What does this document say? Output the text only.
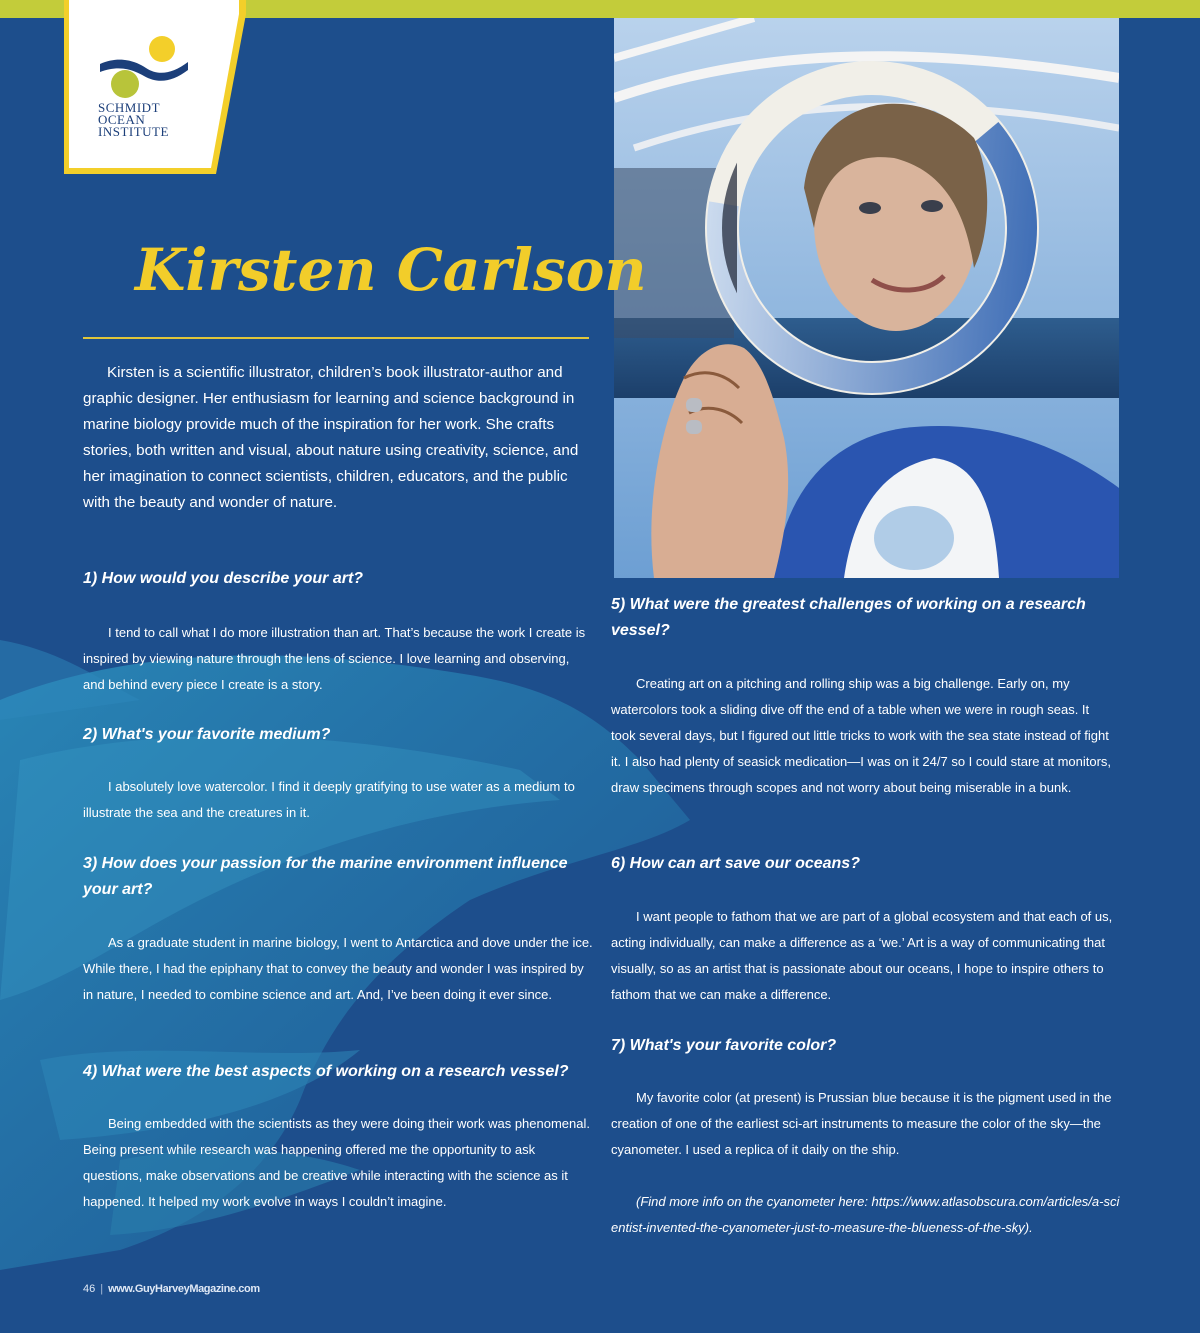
SCHMIDT
OCEAN
INSTITUTE

Kirsten Carlson

Kirsten is a scientific illustrator, children’s book illustrator-author and graphic designer. Her enthusiasm for learning and science background in marine biology provide much of the inspiration for her work. She crafts stories, both written and visual, about nature using creativity, science, and her imagination to connect scientists, children, educators, and the public with the beauty and wonder of nature.

1) How would you describe your art?

I tend to call what I do more illustration than art. That’s because the work I create is inspired by viewing nature through the lens of science. I love learning and observing, and behind every piece I create is a story.

2) What's your favorite medium?

I absolutely love watercolor. I find it deeply gratifying to use water as a medium to illustrate the sea and the creatures in it.

3) How does your passion for the marine environment influence your art?

As a graduate student in marine biology, I went to Antarctica and dove under the ice. While there, I had the epiphany that to convey the beauty and wonder I was inspired by in nature, I needed to combine science and art. And, I’ve been doing it ever since.

4) What were the best aspects of working on a research vessel?

Being embedded with the scientists as they were doing their work was phenomenal. Being present while research was happening offered me the opportunity to ask questions, make observations and be creative while interacting with the science as it happened. It helped my work evolve in ways I couldn’t imagine.

5) What were the greatest challenges of working on a research vessel?

Creating art on a pitching and rolling ship was a big challenge. Early on, my watercolors took a sliding dive off the end of a table when we were in rough seas. It took several days, but I figured out little tricks to work with the sea state instead of fight it. I also had plenty of seasick medication—I was on it 24/7 so I could stare at monitors, draw specimens through scopes and not worry about being miserable in a bunk.

6) How can art save our oceans?

I want people to fathom that we are part of a global ecosystem and that each of us, acting individually, can make a difference as a ‘we.’ Art is a way of communicating that visually, so as an artist that is passionate about our oceans, I hope to inspire others to fathom that we can make a difference.

7) What's your favorite color?

My favorite color (at present) is Prussian blue because it is the pigment used in the creation of one of the earliest sci-art instruments to measure the color of the sky—the cyanometer. I used a replica of it daily on the ship.

(Find more info on the cyanometer here: https://www.atlasobscura.com/articles/a-scientist-invented-the-cyanometer-just-to-measure-the-blueness-of-the-sky).

46 | www.GuyHarveyMagazine.com
